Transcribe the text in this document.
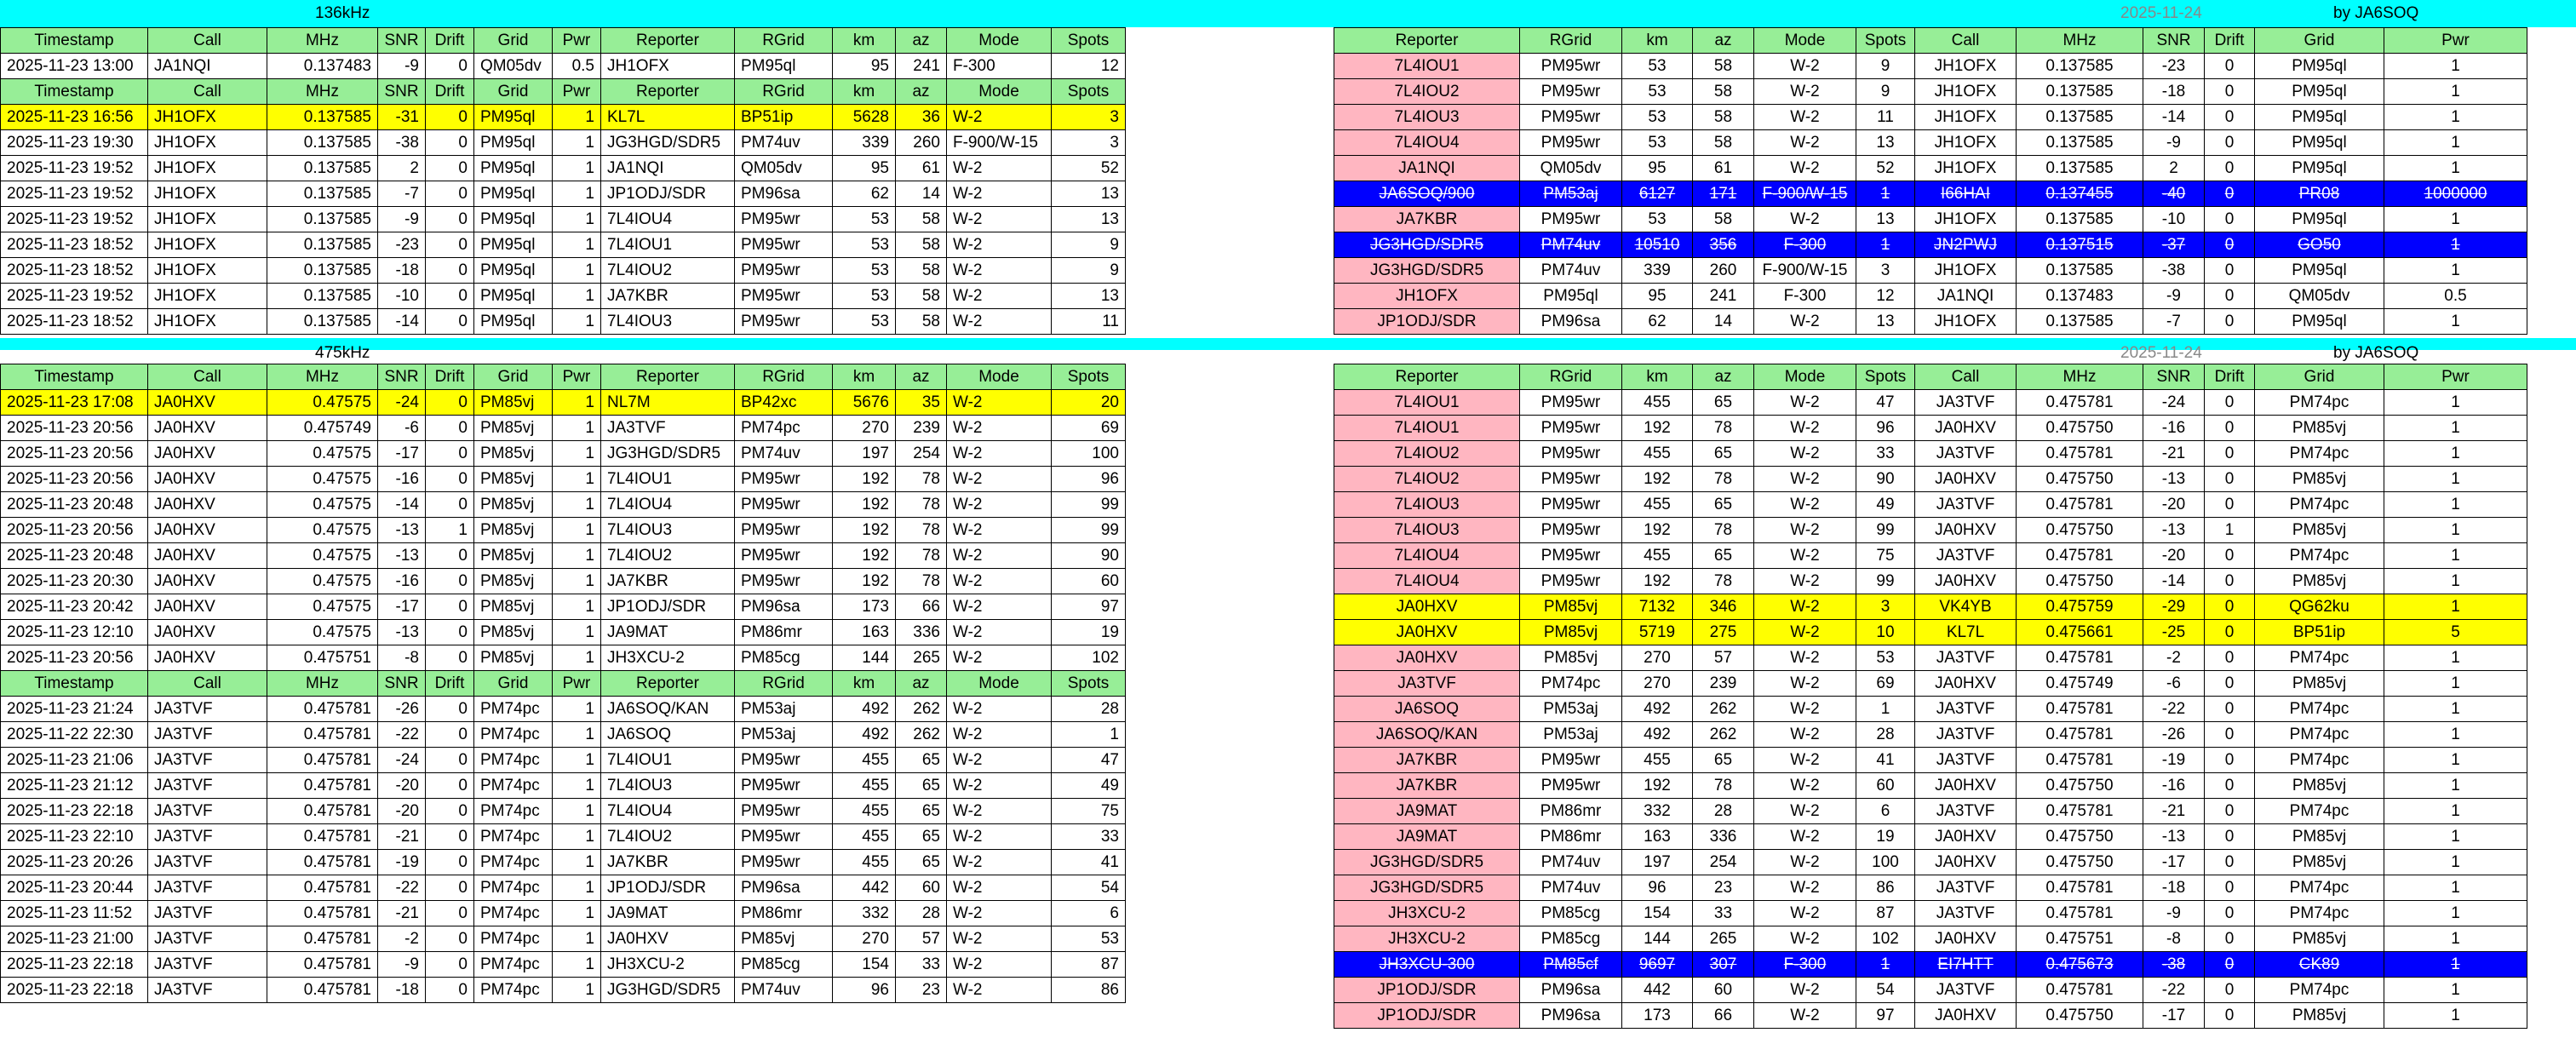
136kHz	2025-11-24	by JA6SOQ
Timestamp	Call	MHz	SNR	Drift	Grid	Pwr	Reporter	RGrid	km	az	Mode	Spots
2025-11-23 13:00	JA1NQI	0.137483	-9	0	QM05dv	0.5	JH1OFX	PM95ql	95	241	F-300	12
Timestamp	Call	MHz	SNR	Drift	Grid	Pwr	Reporter	RGrid	km	az	Mode	Spots
2025-11-23 16:56	JH1OFX	0.137585	-31	0	PM95ql	1	KL7L	BP51ip	5628	36	W-2	3
2025-11-23 19:30	JH1OFX	0.137585	-38	0	PM95ql	1	JG3HGD/SDR5	PM74uv	339	260	F-900/W-15	3
2025-11-23 19:52	JH1OFX	0.137585	2	0	PM95ql	1	JA1NQI	QM05dv	95	61	W-2	52
2025-11-23 19:52	JH1OFX	0.137585	-7	0	PM95ql	1	JP1ODJ/SDR	PM96sa	62	14	W-2	13
2025-11-23 19:52	JH1OFX	0.137585	-9	0	PM95ql	1	7L4IOU4	PM95wr	53	58	W-2	13
2025-11-23 18:52	JH1OFX	0.137585	-23	0	PM95ql	1	7L4IOU1	PM95wr	53	58	W-2	9
2025-11-23 18:52	JH1OFX	0.137585	-18	0	PM95ql	1	7L4IOU2	PM95wr	53	58	W-2	9
2025-11-23 19:52	JH1OFX	0.137585	-10	0	PM95ql	1	JA7KBR	PM95wr	53	58	W-2	13
2025-11-23 18:52	JH1OFX	0.137585	-14	0	PM95ql	1	7L4IOU3	PM95wr	53	58	W-2	11
Reporter	RGrid	km	az	Mode	Spots	Call	MHz	SNR	Drift	Grid	Pwr
7L4IOU1	PM95wr	53	58	W-2	9	JH1OFX	0.137585	-23	0	PM95ql	1
7L4IOU2	PM95wr	53	58	W-2	9	JH1OFX	0.137585	-18	0	PM95ql	1
7L4IOU3	PM95wr	53	58	W-2	11	JH1OFX	0.137585	-14	0	PM95ql	1
7L4IOU4	PM95wr	53	58	W-2	13	JH1OFX	0.137585	-9	0	PM95ql	1
JA1NQI	QM05dv	95	61	W-2	52	JH1OFX	0.137585	2	0	PM95ql	1
JA6SOQ/900	PM53aj	6127	171	F-900/W-15	1	I66HAI	0.137455	-40	0	PR08	1000000
JA7KBR	PM95wr	53	58	W-2	13	JH1OFX	0.137585	-10	0	PM95ql	1
JG3HGD/SDR5	PM74uv	10510	356	F-300	1	JN2PWJ	0.137515	-37	0	GO50	1
JG3HGD/SDR5	PM74uv	339	260	F-900/W-15	3	JH1OFX	0.137585	-38	0	PM95ql	1
JH1OFX	PM95ql	95	241	F-300	12	JA1NQI	0.137483	-9	0	QM05dv	0.5
JP1ODJ/SDR	PM96sa	62	14	W-2	13	JH1OFX	0.137585	-7	0	PM95ql	1
475kHz	2025-11-24	by JA6SOQ
Timestamp	Call	MHz	SNR	Drift	Grid	Pwr	Reporter	RGrid	km	az	Mode	Spots
2025-11-23 17:08	JA0HXV	0.47575	-24	0	PM85vj	1	NL7M	BP42xc	5676	35	W-2	20
2025-11-23 20:56	JA0HXV	0.475749	-6	0	PM85vj	1	JA3TVF	PM74pc	270	239	W-2	69
2025-11-23 20:56	JA0HXV	0.47575	-17	0	PM85vj	1	JG3HGD/SDR5	PM74uv	197	254	W-2	100
2025-11-23 20:56	JA0HXV	0.47575	-16	0	PM85vj	1	7L4IOU1	PM95wr	192	78	W-2	96
2025-11-23 20:48	JA0HXV	0.47575	-14	0	PM85vj	1	7L4IOU4	PM95wr	192	78	W-2	99
2025-11-23 20:56	JA0HXV	0.47575	-13	1	PM85vj	1	7L4IOU3	PM95wr	192	78	W-2	99
2025-11-23 20:48	JA0HXV	0.47575	-13	0	PM85vj	1	7L4IOU2	PM95wr	192	78	W-2	90
2025-11-23 20:30	JA0HXV	0.47575	-16	0	PM85vj	1	JA7KBR	PM95wr	192	78	W-2	60
2025-11-23 20:42	JA0HXV	0.47575	-17	0	PM85vj	1	JP1ODJ/SDR	PM96sa	173	66	W-2	97
2025-11-23 12:10	JA0HXV	0.47575	-13	0	PM85vj	1	JA9MAT	PM86mr	163	336	W-2	19
2025-11-23 20:56	JA0HXV	0.475751	-8	0	PM85vj	1	JH3XCU-2	PM85cg	144	265	W-2	102
Timestamp	Call	MHz	SNR	Drift	Grid	Pwr	Reporter	RGrid	km	az	Mode	Spots
2025-11-23 21:24	JA3TVF	0.475781	-26	0	PM74pc	1	JA6SOQ/KAN	PM53aj	492	262	W-2	28
2025-11-22 22:30	JA3TVF	0.475781	-22	0	PM74pc	1	JA6SOQ	PM53aj	492	262	W-2	1
2025-11-23 21:06	JA3TVF	0.475781	-24	0	PM74pc	1	7L4IOU1	PM95wr	455	65	W-2	47
2025-11-23 21:12	JA3TVF	0.475781	-20	0	PM74pc	1	7L4IOU3	PM95wr	455	65	W-2	49
2025-11-23 22:18	JA3TVF	0.475781	-20	0	PM74pc	1	7L4IOU4	PM95wr	455	65	W-2	75
2025-11-23 22:10	JA3TVF	0.475781	-21	0	PM74pc	1	7L4IOU2	PM95wr	455	65	W-2	33
2025-11-23 20:26	JA3TVF	0.475781	-19	0	PM74pc	1	JA7KBR	PM95wr	455	65	W-2	41
2025-11-23 20:44	JA3TVF	0.475781	-22	0	PM74pc	1	JP1ODJ/SDR	PM96sa	442	60	W-2	54
2025-11-23 11:52	JA3TVF	0.475781	-21	0	PM74pc	1	JA9MAT	PM86mr	332	28	W-2	6
2025-11-23 21:00	JA3TVF	0.475781	-2	0	PM74pc	1	JA0HXV	PM85vj	270	57	W-2	53
2025-11-23 22:18	JA3TVF	0.475781	-9	0	PM74pc	1	JH3XCU-2	PM85cg	154	33	W-2	87
2025-11-23 22:18	JA3TVF	0.475781	-18	0	PM74pc	1	JG3HGD/SDR5	PM74uv	96	23	W-2	86
Reporter	RGrid	km	az	Mode	Spots	Call	MHz	SNR	Drift	Grid	Pwr
7L4IOU1	PM95wr	455	65	W-2	47	JA3TVF	0.475781	-24	0	PM74pc	1
7L4IOU1	PM95wr	192	78	W-2	96	JA0HXV	0.475750	-16	0	PM85vj	1
7L4IOU2	PM95wr	455	65	W-2	33	JA3TVF	0.475781	-21	0	PM74pc	1
7L4IOU2	PM95wr	192	78	W-2	90	JA0HXV	0.475750	-13	0	PM85vj	1
7L4IOU3	PM95wr	455	65	W-2	49	JA3TVF	0.475781	-20	0	PM74pc	1
7L4IOU3	PM95wr	192	78	W-2	99	JA0HXV	0.475750	-13	1	PM85vj	1
7L4IOU4	PM95wr	455	65	W-2	75	JA3TVF	0.475781	-20	0	PM74pc	1
7L4IOU4	PM95wr	192	78	W-2	99	JA0HXV	0.475750	-14	0	PM85vj	1
JA0HXV	PM85vj	7132	346	W-2	3	VK4YB	0.475759	-29	0	QG62ku	1
JA0HXV	PM85vj	5719	275	W-2	10	KL7L	0.475661	-25	0	BP51ip	5
JA0HXV	PM85vj	270	57	W-2	53	JA3TVF	0.475781	-2	0	PM74pc	1
JA3TVF	PM74pc	270	239	W-2	69	JA0HXV	0.475749	-6	0	PM85vj	1
JA6SOQ	PM53aj	492	262	W-2	1	JA3TVF	0.475781	-22	0	PM74pc	1
JA6SOQ/KAN	PM53aj	492	262	W-2	28	JA3TVF	0.475781	-26	0	PM74pc	1
JA7KBR	PM95wr	455	65	W-2	41	JA3TVF	0.475781	-19	0	PM74pc	1
JA7KBR	PM95wr	192	78	W-2	60	JA0HXV	0.475750	-16	0	PM85vj	1
JA9MAT	PM86mr	332	28	W-2	6	JA3TVF	0.475781	-21	0	PM74pc	1
JA9MAT	PM86mr	163	336	W-2	19	JA0HXV	0.475750	-13	0	PM85vj	1
JG3HGD/SDR5	PM74uv	197	254	W-2	100	JA0HXV	0.475750	-17	0	PM85vj	1
JG3HGD/SDR5	PM74uv	96	23	W-2	86	JA3TVF	0.475781	-18	0	PM74pc	1
JH3XCU-2	PM85cg	154	33	W-2	87	JA3TVF	0.475781	-9	0	PM74pc	1
JH3XCU-2	PM85cg	144	265	W-2	102	JA0HXV	0.475751	-8	0	PM85vj	1
JH3XCU-300	PM85cf	9697	307	F-300	1	EI7HTT	0.475673	-38	0	CK89	1
JP1ODJ/SDR	PM96sa	442	60	W-2	54	JA3TVF	0.475781	-22	0	PM74pc	1
JP1ODJ/SDR	PM96sa	173	66	W-2	97	JA0HXV	0.475750	-17	0	PM85vj	1
